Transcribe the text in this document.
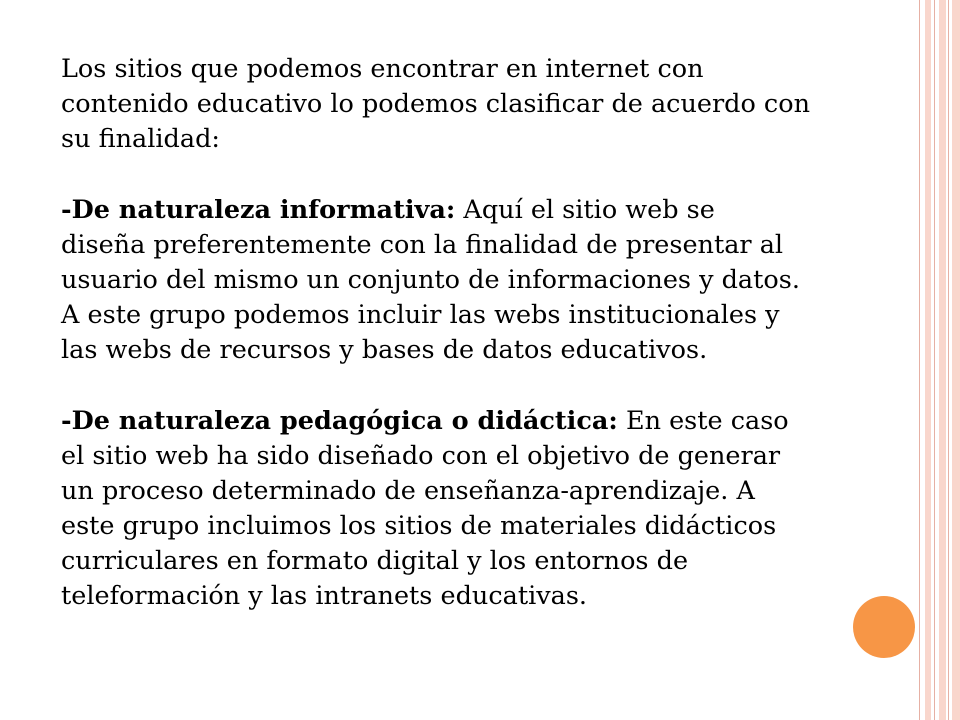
Los sitios que podemos encontrar en internet con
contenido educativo lo podemos clasificar de acuerdo con
su finalidad:

-De naturaleza informativa: Aquí el sitio web se
diseña preferentemente con la finalidad de presentar al
usuario del mismo un conjunto de informaciones y datos.
A este grupo podemos incluir las webs institucionales y
las webs de recursos y bases de datos educativos.

-De naturaleza pedagógica o didáctica: En este caso
el sitio web ha sido diseñado con el objetivo de generar
un proceso determinado de enseñanza-aprendizaje. A
este grupo incluimos los sitios de materiales didácticos
curriculares en formato digital y los entornos de
teleformación y las intranets educativas.
